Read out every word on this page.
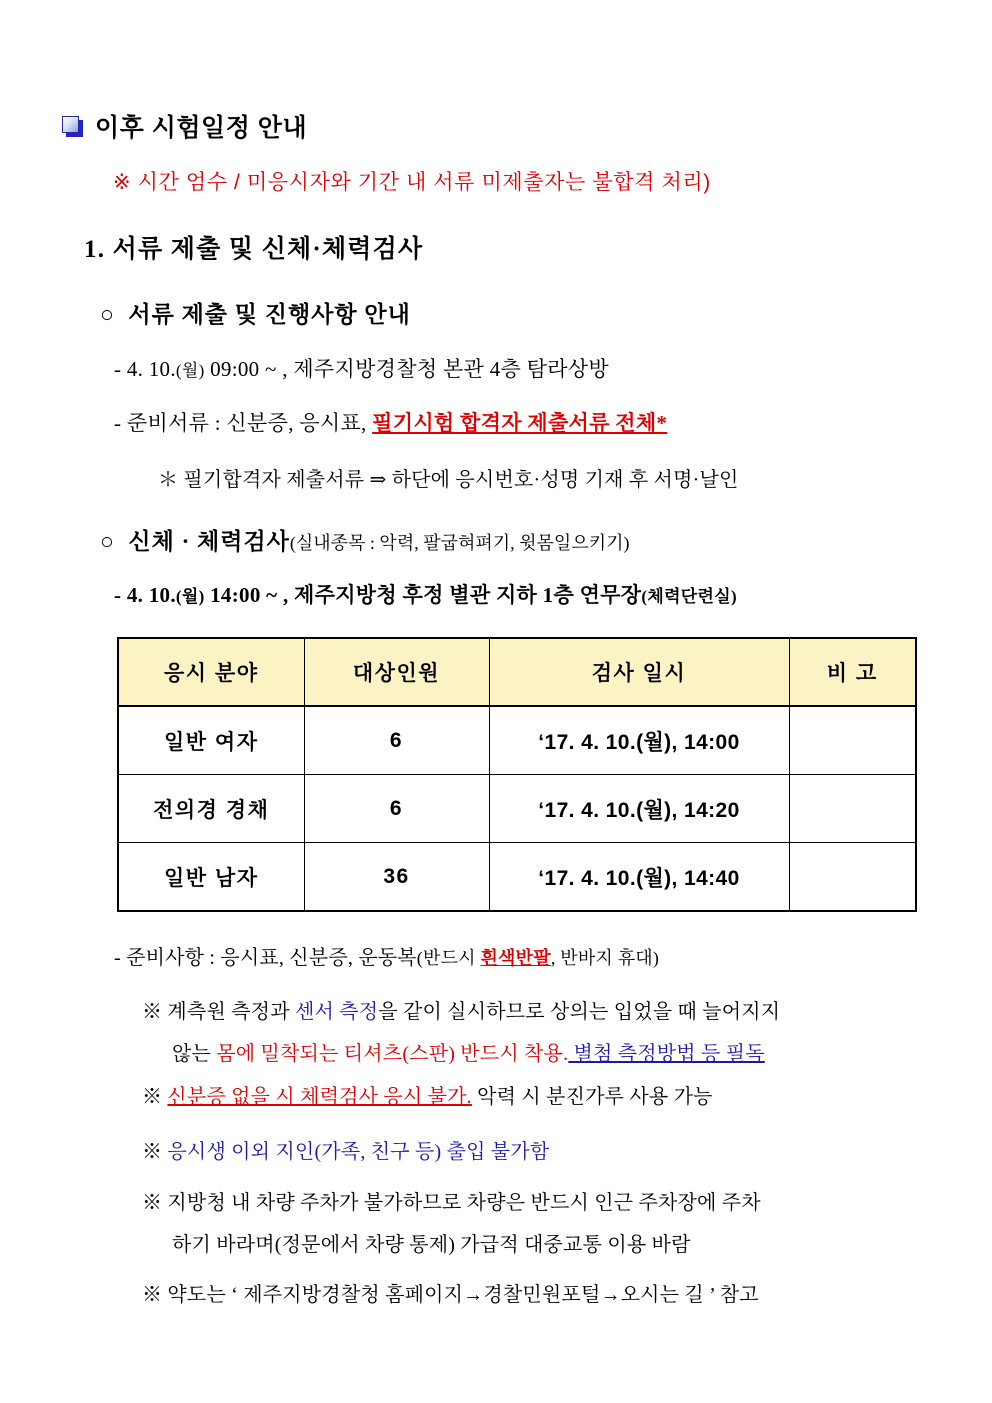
이후 시험일정 안내
※ 시간 엄수 / 미응시자와 기간 내 서류 미제출자는 불합격 처리)
1. 서류 제출 및 신체·체력검사
○ 서류 제출 및 진행사항 안내
- 4. 10.(월) 09:00 ~ , 제주지방경찰청 본관 4층 탐라상방
- 준비서류 : 신분증, 응시표, 필기시험 합격자 제출서류 전체*
＊ 필기합격자 제출서류 ⇒ 하단에 응시번호·성명 기재 후 서명·날인
○ 신체 · 체력검사(실내종목 : 악력, 팔굽혀펴기, 윗몸일으키기)
- 4. 10.(월) 14:00 ~ , 제주지방청 후정 별관 지하 1층 연무장(체력단련실)
응시 분야	대상인원	검사 일시	비 고
일반 여자	6	‘17. 4. 10.(월), 14:00	
전의경 경채	6	‘17. 4. 10.(월), 14:20	
일반 남자	36	‘17. 4. 10.(월), 14:40	
- 준비사항 : 응시표, 신분증, 운동복(반드시 흰색반팔, 반바지 휴대)
※ 계측원 측정과 센서 측정을 같이 실시하므로 상의는 입었을 때 늘어지지
않는 몸에 밀착되는 티셔츠(스판) 반드시 착용. 별첨 측정방법 등 필독
※ 신분증 없을 시 체력검사 응시 불가. 악력 시 분진가루 사용 가능
※ 응시생 이외 지인(가족, 친구 등) 출입 불가함
※ 지방청 내 차량 주차가 불가하므로 차량은 반드시 인근 주차장에 주차
하기 바라며(정문에서 차량 통제) 가급적 대중교통 이용 바람
※ 약도는 ‘ 제주지방경찰청 홈페이지→경찰민원포털→오시는 길 ’ 참고
